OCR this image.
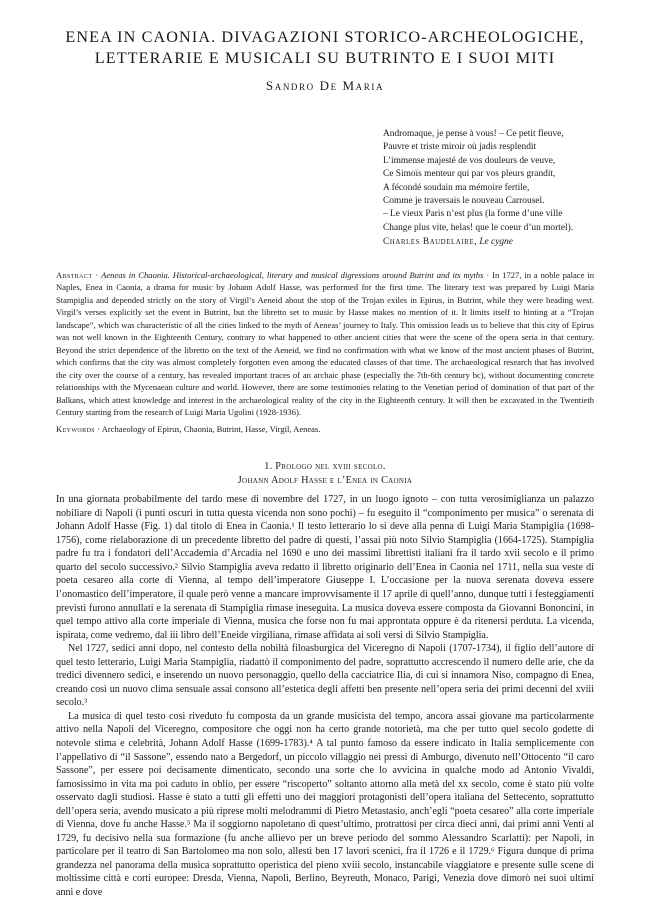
ENEA IN CAONIA. DIVAGAZIONI STORICO-ARCHEOLOGICHE,
LETTERARIE E MUSICALI SU BUTRINTO E I SUOI MITI
Sandro De Maria
Andromaque, je pense à vous! – Ce petit fleuve,
Pauvre et triste miroir où jadis resplendit
L’immense majesté de vos douleurs de veuve,
Ce Simoïs menteur qui par vos pleurs grandit,
A fécondé soudain ma mémoire fertile,
Comme je traversais le nouveau Carrousel.
– Le vieux Paris n’est plus (la forme d’une ville
Change plus vite, helas! que le coeur d’un mortel).
Charles Baudelaire, Le cygne
Abstract · Aeneas in Chaonia. Historical-archaeological, literary and musical digressions around Butrint and its myths · In 1727, in a noble palace in Naples, Enea in Caonia, a drama for music by Johann Adolf Hasse, was performed for the first time. The literary text was prepared by Luigi Maria Stampiglia and depended strictly on the story of Virgil’s Aeneid about the stop of the Trojan exiles in Epirus, in Butrint, while they were heading west. Virgil’s verses explicitly set the event in Butrint, but the libretto set to music by Hasse makes no mention of it. It limits itself to hinting at a “Trojan landscape”, which was characteristic of all the cities linked to the myth of Aeneas’ journey to Italy. This omission leads us to believe that this city of Epirus was not well known in the Eighteenth Century, contrary to what happened to other ancient cities that were the scene of the opera seria in that century. Beyond the strict dependence of the libretto on the text of the Aeneid, we find no confirmation with what we know of the most ancient phases of Butrint, which confirms that the city was almost completely forgotten even among the educated classes of that time. The archaeological research that has involved the city over the course of a century, has revealed important traces of an archaic phase (especially the 7th-6th century bc), without documenting concrete relationships with the Mycenaean culture and world. However, there are some testimonies relating to the Venetian period of domination of that part of the Balkans, which attest knowledge and interest in the archaeological reality of the city in the Eighteenth century. It will then be excavated in the Twentieth Century starting from the research of Luigi Maria Ugolini (1928-1936).
Keywords · Archaeology of Epirus, Chaonia, Butrint, Hasse, Virgil, Aeneas.
1. Prologo nel xviii secolo.
Johann Adolf Hasse e l’Enea in Caonia

In una giornata probabilmente del tardo mese di novembre del 1727, in un luogo ignoto – con tutta verosimiglianza un palazzo nobiliare di Napoli (i punti oscuri in tutta questa vicenda non sono pochi) – fu eseguito il “componimento per musica” o serenata di Johann Adolf Hasse (Fig. 1) dal titolo di Enea in Caonia.¹ Il testo letterario lo si deve alla penna di Luigi Maria Stampiglia (1698-1756), come rielaborazione di un precedente libretto del padre di questi, l’assai più noto Silvio Stampiglia (1664-1725). Stampiglia padre fu tra i fondatori dell’Accademia d’Arcadia nel 1690 e uno dei massimi librettisti italiani fra il tardo xvii secolo e il primo quarto del secolo successivo.² Silvio Stampiglia aveva redatto il libretto originario dell’Enea in Caonia nel 1711, nella sua veste di poeta cesareo alla corte di Vienna, al tempo dell’imperatore Giuseppe I. L’occasione per la nuova serenata doveva essere l’onomastico dell’imperatore, il quale però venne a mancare improvvisamente il 17 aprile di quell’anno, dunque tutti i festeggiamenti previsti furono annullati e la serenata di Stampiglia rimase ineseguita. La musica doveva essere composta da Giovanni Bononcini, in quel tempo attivo alla corte imperiale di Vienna, musica che forse non fu mai approntata oppure è da ritenersi perduta. La vicenda, ispirata, come vedremo, dal iii libro dell’Eneide virgiliana, rimase affidata ai soli versi di Silvio Stampiglia.

Nel 1727, sedici anni dopo, nel contesto della nobiltà filoasburgica del Viceregno di Napoli (1707-1734), il figlio dell’autore di quel testo letterario, Luigi Maria Stampiglia, riadattò il componimento del padre, soprattutto accrescendo il numero delle arie, che da tredici divennero sedici, e inserendo un nuovo personaggio, quello della cacciatrice Ilia, di cui si innamora Niso, compagno di Enea, creando così un nuovo clima sensuale assai consono all’estetica degli affetti ben presente nell’opera seria dei primi decenni del xviii secolo.³

La musica di quel testo così riveduto fu composta da un grande musicista del tempo, ancora assai giovane ma particolarmente attivo nella Napoli del Viceregno, compositore che oggi non ha certo grande notorietà, ma che per tutto quel secolo godette di notevole stima e celebrità, Johann Adolf Hasse (1699-1783).⁴ A tal punto famoso da essere indicato in Italia semplicemente con l’appellativo di “il Sassone”, essendo nato a Bergedorf, un piccolo villaggio nei pressi di Amburgo, divenuto nell’Ottocento “il caro Sassone”, per essere poi decisamente dimenticato, secondo una sorte che lo avvicina in qualche modo ad Antonio Vivaldi, famosissimo in vita ma poi caduto in oblio, per essere “riscoperto” soltanto attorno alla metà del xx secolo, come è stato più volte osservato dagli studiosi. Hasse è stato a tutti gli effetti uno dei maggiori protagonisti dell’opera italiana del Settecento, soprattutto dell’opera seria, avendo musicato a più riprese molti melodrammi di Pietro Metastasio, anch’egli “poeta cesareo” alla corte imperiale di Vienna, dove fu anche Hasse.⁵ Ma il soggiorno napoletano di quest’ultimo, protrattosi per circa dieci anni, dai primi anni Venti al 1729, fu decisivo nella sua formazione (fu anche allievo per un breve periodo del sommo Alessandro Scarlatti): per Napoli, in particolare per il teatro di San Bartolomeo ma non solo, allestì ben 17 lavori scenici, fra il 1726 e il 1729.⁶ Figura dunque di prima grandezza nel panorama della musica soprattutto operistica del pieno xviii secolo, instancabile viaggiatore e presente sulle scene di moltissime città e corti europee: Dresda, Vienna, Napoli, Berlino, Beyreuth, Monaco, Parigi, Venezia dove dimorò nei suoi ultimi anni e dove
